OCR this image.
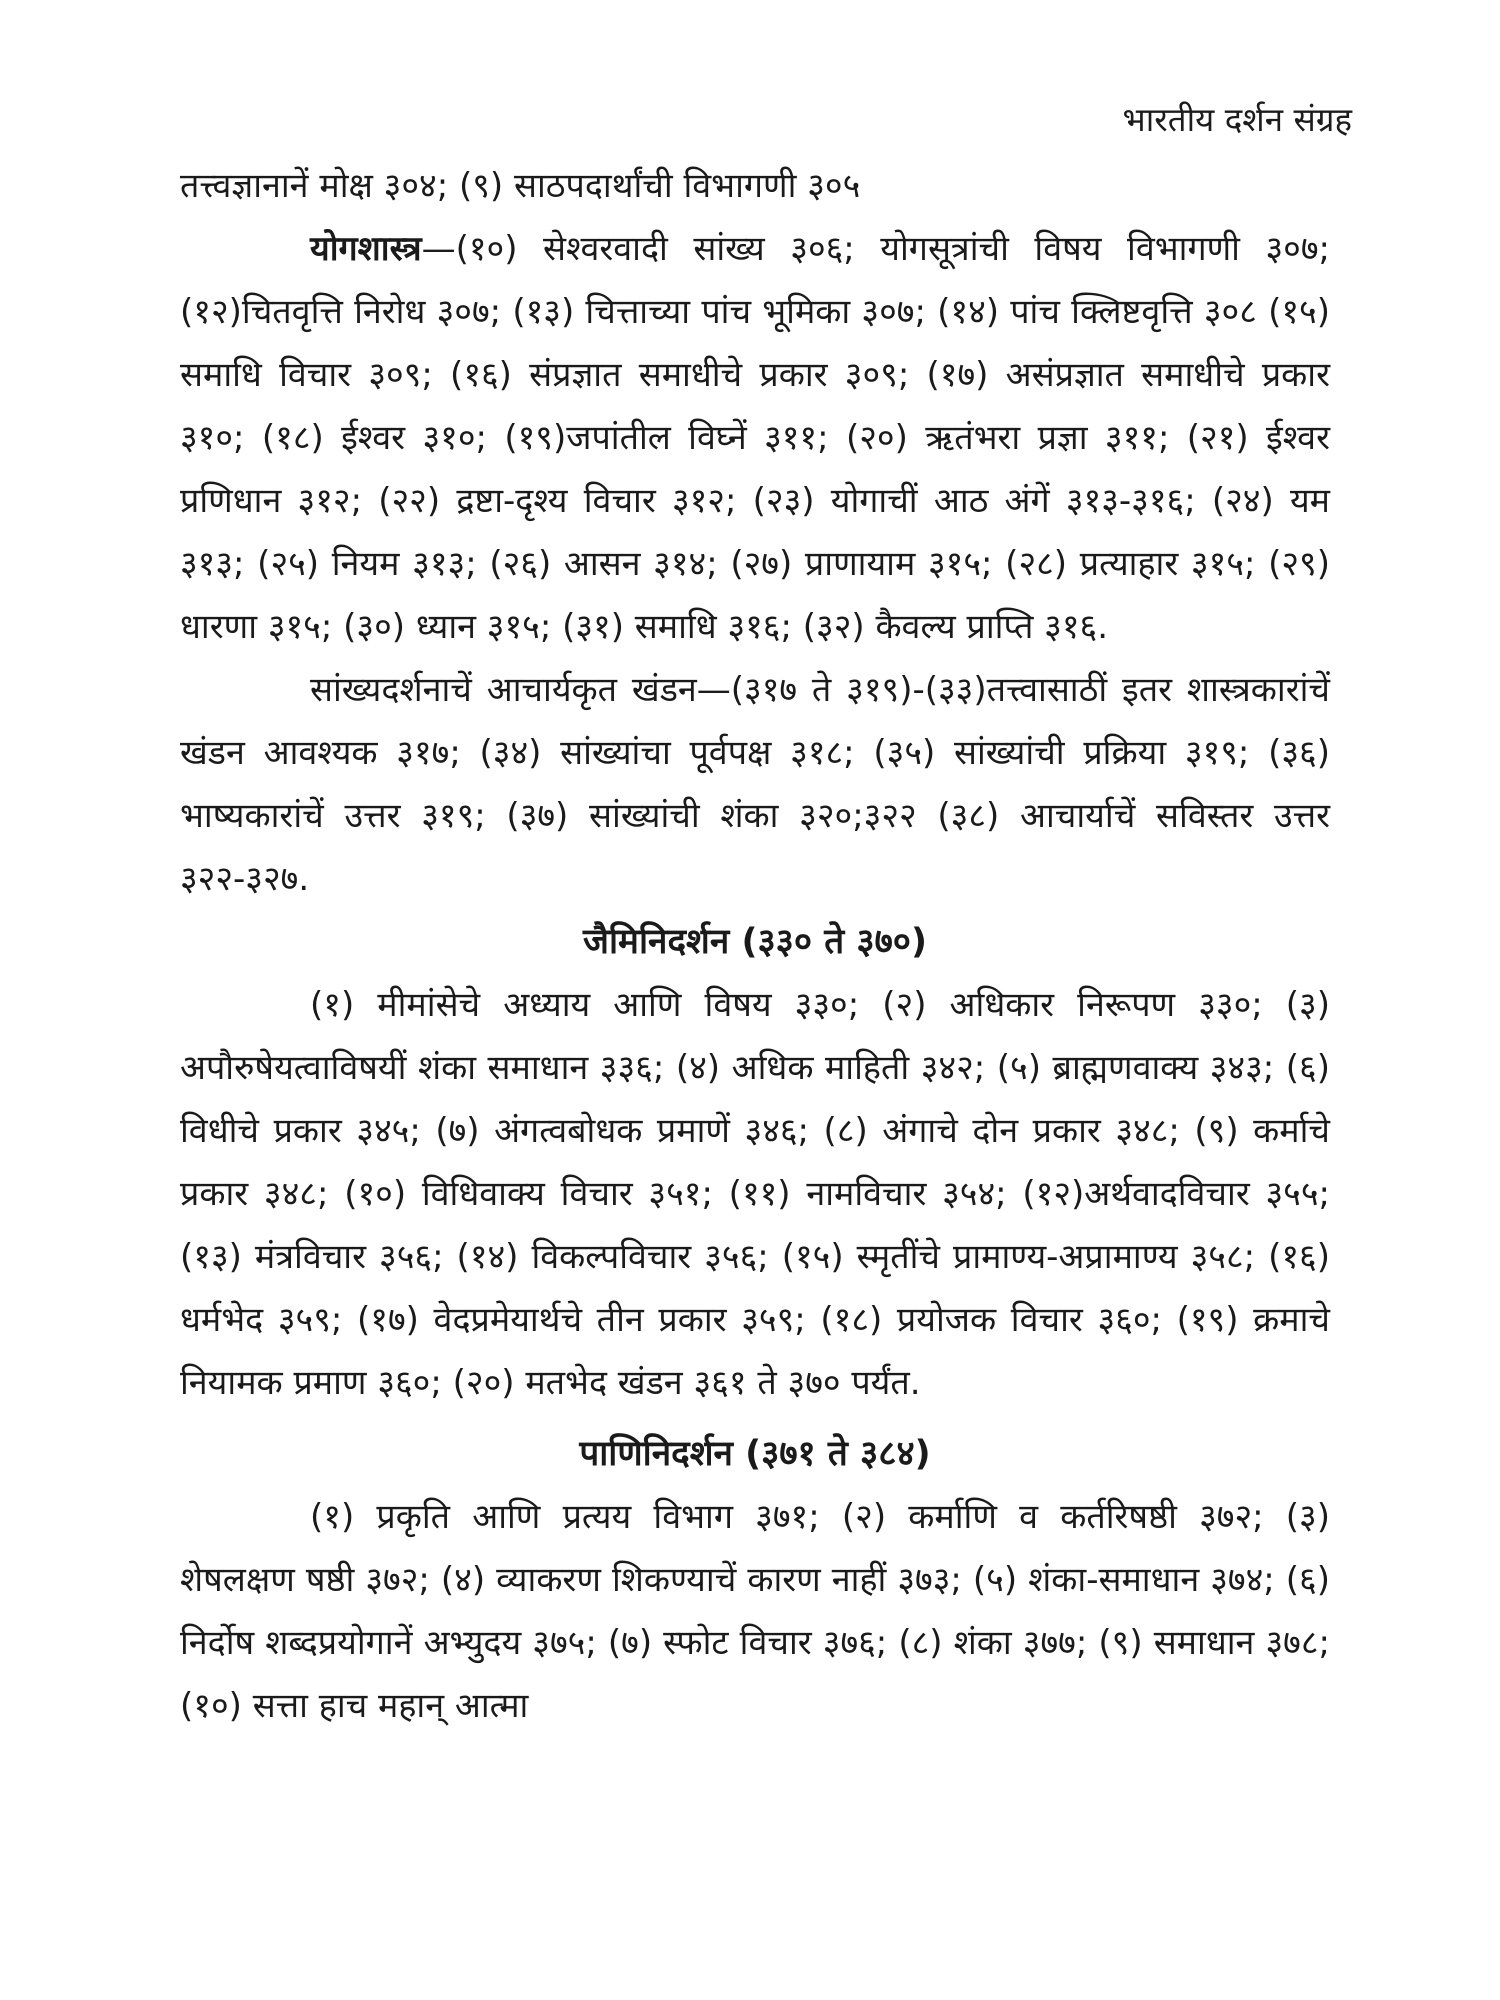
भारतीय दर्शन संग्रह

तत्त्वज्ञानानें मोक्ष ३०४; (९) साठपदार्थांची विभागणी ३०५

योगशास्त्र—(१०) सेश्वरवादी सांख्य ३०६; योगसूत्रांची विषय विभागणी ३०७; (१२)चितवृत्ति निरोध ३०७; (१३) चित्ताच्या पांच भूमिका ३०७; (१४) पांच क्लिष्टवृत्ति ३०८ (१५) समाधि विचार ३०९; (१६) संप्रज्ञात समाधीचे प्रकार ३०९; (१७) असंप्रज्ञात समाधीचे प्रकार ३१०; (१८) ईश्वर ३१०; (१९)जपांतील विघ्नें ३११; (२०) ऋतंभरा प्रज्ञा ३११; (२१) ईश्वर प्रणिधान ३१२; (२२) द्रष्टा-दृश्य विचार ३१२; (२३) योगाचीं आठ अंगें ३१३-३१६; (२४) यम ३१३; (२५) नियम ३१३; (२६) आसन ३१४; (२७) प्राणायाम ३१५; (२८) प्रत्याहार ३१५; (२९) धारणा ३१५; (३०) ध्यान ३१५; (३१) समाधि ३१६; (३२) कैवल्य प्राप्ति ३१६.

सांख्यदर्शनाचें आचार्यकृत खंडन—(३१७ ते ३१९)-(३३)तत्त्वासाठीं इतर शास्त्रकारांचें खंडन आवश्यक ३१७; (३४) सांख्यांचा पूर्वपक्ष ३१८; (३५) सांख्यांची प्रक्रिया ३१९; (३६) भाष्यकारांचें उत्तर ३१९; (३७) सांख्यांची शंका ३२०;३२२ (३८) आचार्याचें सविस्तर उत्तर ३२२-३२७.

जैमिनिदर्शन (३३० ते ३७०)

(१) मीमांसेचे अध्याय आणि विषय ३३०; (२) अधिकार निरूपण ३३०; (३) अपौरुषेयत्वाविषयीं शंका समाधान ३३६; (४) अधिक माहिती ३४२; (५) ब्राह्मणवाक्य ३४३; (६) विधीचे प्रकार ३४५; (७) अंगत्वबोधक प्रमाणें ३४६; (८) अंगाचे दोन प्रकार ३४८; (९) कर्माचे प्रकार ३४८; (१०) विधिवाक्य विचार ३५१; (११) नामविचार ३५४; (१२)अर्थवादविचार ३५५; (१३) मंत्रविचार ३५६; (१४) विकल्पविचार ३५६; (१५) स्मृतींचे प्रामाण्य-अप्रामाण्य ३५८; (१६) धर्मभेद ३५९; (१७) वेदप्रमेयार्थचे तीन प्रकार ३५९; (१८) प्रयोजक विचार ३६०; (१९) क्रमाचे नियामक प्रमाण ३६०; (२०) मतभेद खंडन ३६१ ते ३७० पर्यंत.

पाणिनिदर्शन (३७१ ते ३८४)

(१) प्रकृति आणि प्रत्यय विभाग ३७१; (२) कर्माणि व कर्तरिषष्ठी ३७२; (३) शेषलक्षण षष्ठी ३७२; (४) व्याकरण शिकण्याचें कारण नाहीं ३७३; (५) शंका-समाधान ३७४; (६) निर्दोष शब्दप्रयोगानें अभ्युदय ३७५; (७) स्फोट विचार ३७६; (८) शंका ३७७; (९) समाधान ३७८; (१०) सत्ता हाच महान् आत्मा
